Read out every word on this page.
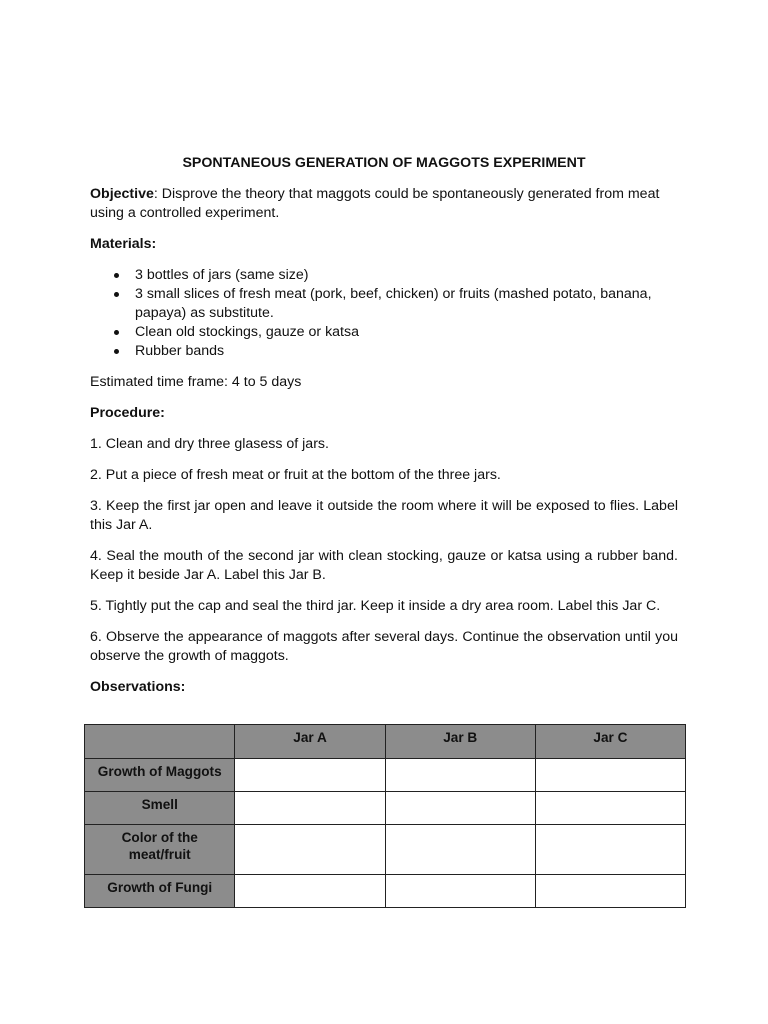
SPONTANEOUS GENERATION OF MAGGOTS EXPERIMENT

Objective: Disprove the theory that maggots could be spontaneously generated from meat using a controlled experiment.

Materials:

3 bottles of jars (same size)
3 small slices of fresh meat (pork, beef, chicken) or fruits (mashed potato, banana, papaya) as substitute.
Clean old stockings, gauze or katsa
Rubber bands

Estimated time frame: 4 to 5 days

Procedure:

1. Clean and dry three glasess of jars.

2. Put a piece of fresh meat or fruit at the bottom of the three jars.

3. Keep the first jar open and leave it outside the room where it will be exposed to flies. Label this Jar A.

4. Seal the mouth of the second jar with clean stocking, gauze or katsa using a rubber band. Keep it beside Jar A. Label this Jar B.

5. Tightly put the cap and seal the third jar. Keep it inside a dry area room. Label this Jar C.

6. Observe the appearance of maggots after several days. Continue the observation until you observe the growth of maggots.

Observations:

	Jar A	Jar B	Jar C
Growth of Maggots			
Smell			
Color of the meat/fruit			
Growth of Fungi			
